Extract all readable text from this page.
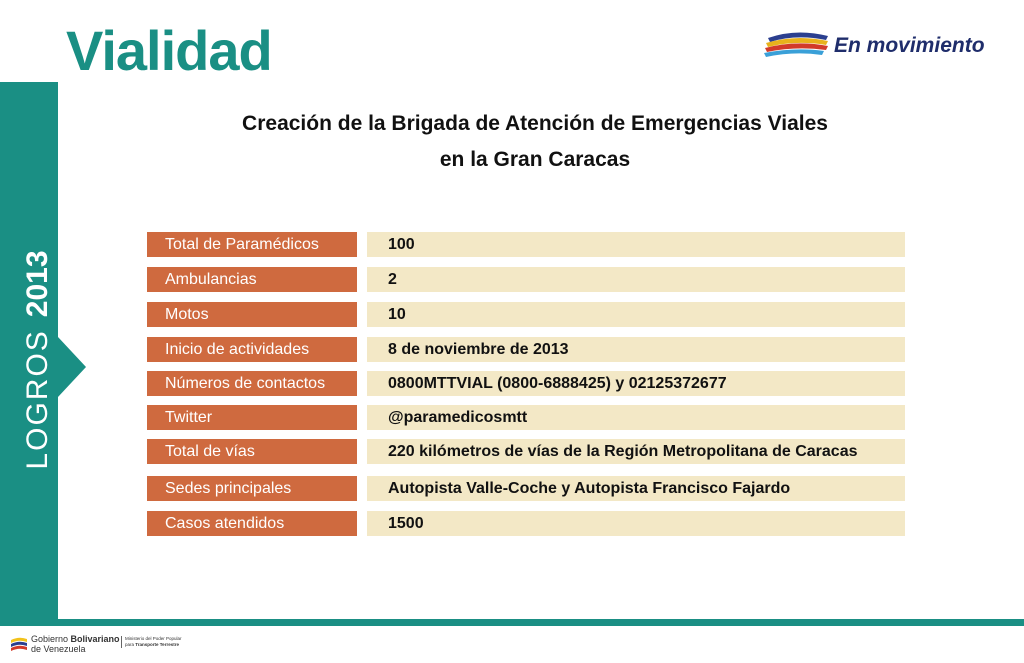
Vialidad	En movimiento
LOGROS2013
Creación de la Brigada de Atención de Emergencias Viales
en la Gran Caracas
Total de Paramédicos	100
Ambulancias	2
Motos	10
Inicio de actividades	8 de noviembre de 2013
Números de contactos	0800MTTVIAL (0800-6888425) y 02125372677
Twitter	@paramedicosmtt
Total de vías	220 kilómetros de vías de la Región Metropolitana de Caracas
Sedes principales	Autopista Valle-Coche y Autopista Francisco Fajardo
Casos atendidos	1500
Gobierno Bolivariano
de Venezuela
Ministerio del Poder Popular
para Transporte Terrestre
